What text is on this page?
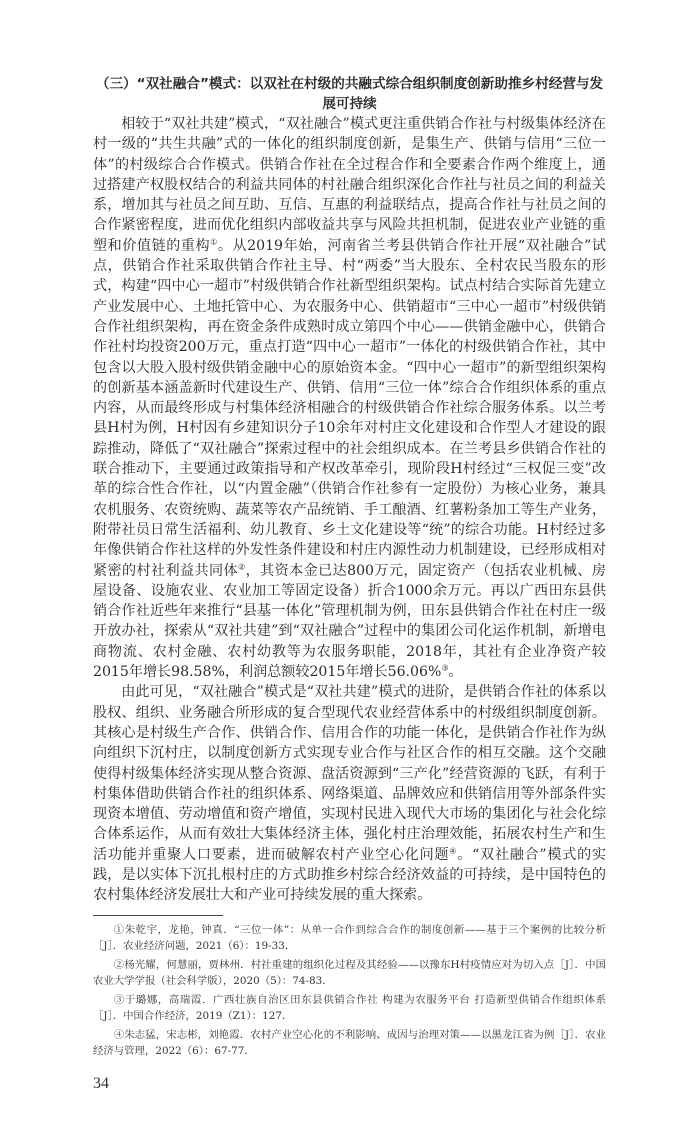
（三）“双社融合”模式：以双社在村级的共融式综合组织制度创新助推乡村经营与发展可持续

相较于“双社共建”模式，“双社融合”模式更注重供销合作社与村级集体经济在村一级的“共生共融”式的一体化的组织制度创新，是集生产、供销与信用“三位一体”的村级综合合作模式。供销合作社在全过程合作和全要素合作两个维度上，通过搭建产权股权结合的利益共同体的村社融合组织深化合作社与社员之间的利益关系，增加其与社员之间互助、互信、互惠的利益联结点，提高合作社与社员之间的合作紧密程度，进而优化组织内部收益共享与风险共担机制，促进农业产业链的重塑和价值链的重构①。从2019年始，河南省兰考县供销合作社开展“双社融合”试点，供销合作社采取供销合作社主导、村“两委”当大股东、全村农民当股东的形式，构建“四中心一超市”村级供销合作社新型组织架构。试点村结合实际首先建立产业发展中心、土地托管中心、为农服务中心、供销超市“三中心一超市”村级供销合作社组织架构，再在资金条件成熟时成立第四个中心——供销金融中心，供销合作社村均投资200万元，重点打造“四中心一超市”一体化的村级供销合作社，其中包含以大股入股村级供销金融中心的原始资本金。“四中心一超市”的新型组织架构的创新基本涵盖新时代建设生产、供销、信用“三位一体”综合合作组织体系的重点内容，从而最终形成与村集体经济相融合的村级供销合作社综合服务体系。以兰考县H村为例，H村因有乡建知识分子10余年对村庄文化建设和合作型人才建设的跟踪推动，降低了“双社融合”探索过程中的社会组织成本。在兰考县乡供销合作社的联合推动下，主要通过政策指导和产权改革牵引，现阶段H村经过“三权促三变”改革的综合性合作社，以“内置金融”（供销合作社参有一定股份）为核心业务，兼具农机服务、农资统购、蔬菜等农产品统销、手工酿酒、红薯粉条加工等生产业务，附带社员日常生活福利、幼儿教育、乡土文化建设等“统”的综合功能。H村经过多年像供销合作社这样的外发性条件建设和村庄内源性动力机制建设，已经形成相对紧密的村社利益共同体②，其资本金已达800万元，固定资产（包括农业机械、房屋设备、设施农业、农业加工等固定设备）折合1000余万元。再以广西田东县供销合作社近些年来推行“县基一体化”管理机制为例，田东县供销合作社在村庄一级开放办社，探索从“双社共建”到“双社融合”过程中的集团公司化运作机制，新增电商物流、农村金融、农村幼教等为农服务职能，2018年，其社有企业净资产较2015年增长98.58%，利润总额较2015年增长56.06%③。

由此可见，“双社融合”模式是“双社共建”模式的进阶，是供销合作社的体系以股权、组织、业务融合所形成的复合型现代农业经营体系中的村级组织制度创新。其核心是村级生产合作、供销合作、信用合作的功能一体化，是供销合作社作为纵向组织下沉村庄，以制度创新方式实现专业合作与社区合作的相互交融。这个交融使得村级集体经济实现从整合资源、盘活资源到“三产化”经营资源的飞跃，有利于村集体借助供销合作社的组织体系、网络渠道、品牌效应和供销信用等外部条件实现资本增值、劳动增值和资产增值，实现村民进入现代大市场的集团化与社会化综合体系运作，从而有效壮大集体经济主体，强化村庄治理效能，拓展农村生产和生活功能并重聚人口要素，进而破解农村产业空心化问题④。“双社融合”模式的实践，是以实体下沉扎根村庄的方式助推乡村综合经济效益的可持续，是中国特色的农村集体经济发展壮大和产业可持续发展的重大探索。

①朱乾宇，龙艳，钟真．“三位一体”：从单一合作到综合合作的制度创新——基于三个案例的比较分析［J］．农业经济问题，2021（6）：19-33．

②杨光耀，何慧丽，贾林州．村社重建的组织化过程及其经验——以豫东H村疫情应对为切入点［J］．中国农业大学学报（社会科学版），2020（5）：74-83．

③于璐娜，高瑞霞．广西壮族自治区田东县供销合作社 构建为农服务平台 打造新型供销合作组织体系［J］．中国合作经济，2019（Z1）：127．

④朱志猛，宋志彬，刘艳霞．农村产业空心化的不利影响、成因与治理对策——以黑龙江省为例［J］．农业经济与管理，2022（6）：67-77．

34
